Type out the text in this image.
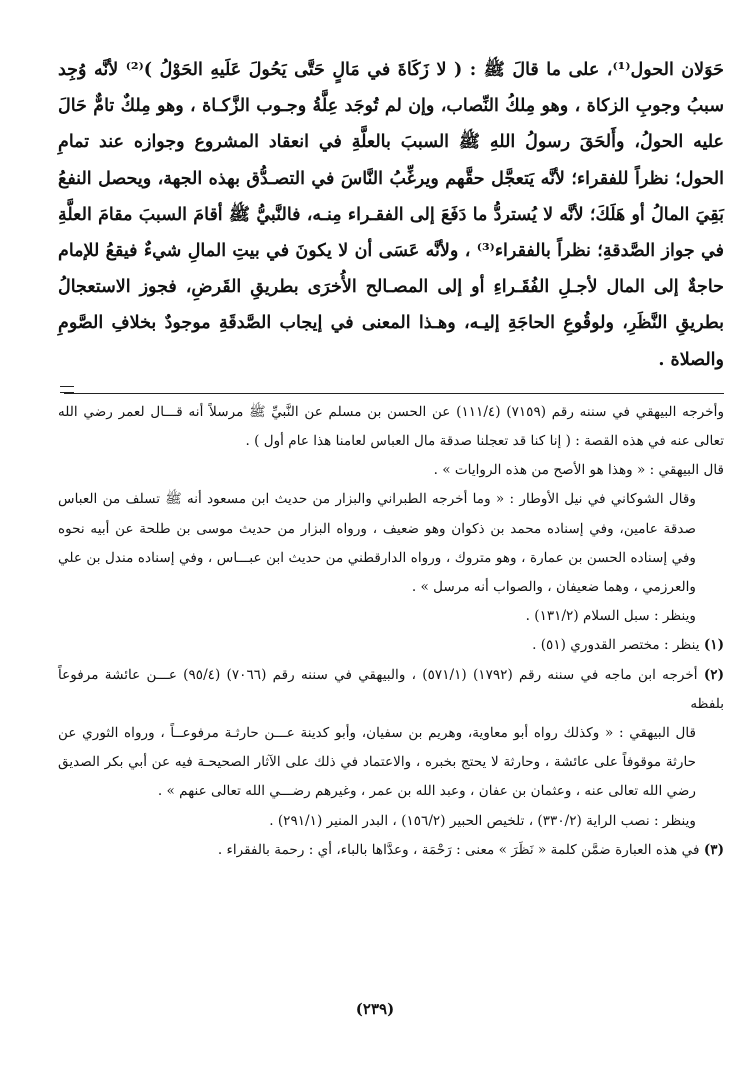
حَوَلان الحول⁽¹⁾، على ما قالَ ﷺ : ( لا زَكَاةَ في مَالٍ حَتَّى يَحُولَ عَلَيهِ الحَوْلُ )⁽²⁾ لأنَّه وُجِد سببُ وجوبِ الزكاة ، وهو مِلكُ النِّصاب، وإن لم تُوجَد عِلَّةُ وجـوب الزَّكـاة ، وهو مِلكٌ تامٌّ حَالَ عليه الحولُ، وأَلحَقَ رسولُ اللهِ ﷺ السببَ بالعلَّةِ في انعقاد المشروع وجوازه عند تمامِ الحول؛ نظراً للفقراء؛ لأنَّه يَتعجَّل حقَّهم ويرغِّبُ النَّاسَ في التصـدُّق بهذه الجهة، ويحصل النفعُ بَقِيَ المالُ أو هَلَكَ؛ لأنَّه لا يُستردُّ ما دَفَعَ إلى الفقـراء مِنـه، فالنَّبيُّ ﷺ أقامَ السببَ مقامَ العلَّةِ في جواز الصَّدقةِ؛ نظراً بالفقراء⁽³⁾ ، ولأنَّه عَسَى أن لا يكونَ في بيتِ المالِ شيءٌ فيقعُ للإمام حاجةٌ إلى المال لأجـلِ الفُقَـراءِ أو إلى المصـالح الأُخرَى بطريقِ القَرضِ، فجوز الاستعجالُ بطريقِ النَّظَرِ، ولوقُوعِ الحاجَةِ إليـه، وهـذا المعنى في إيجاب الصَّدقَةِ موجودٌ بخلافِ الصَّومِ والصلاة .

وأخرجه البيهقي في سننه رقم (٧١٥٩) (١١١/٤) عن الحسن بن مسلم عن النَّبيِّ ﷺ مرسلاً أنه قـــال لعمر رضي الله تعالى عنه في هذه القصة : ( إنا كنا قد تعجلنا صدقة مال العباس لعامنا هذا عام أول ) .

قال البيهقي : « وهذا هو الأصح من هذه الروايات » .

وقال الشوكاني في نيل الأوطار : « وما أخرجه الطبراني والبزار من حديث ابن مسعود أنه ﷺ تسلف من العباس صدقة عامين، وفي إسناده محمد بن ذكوان وهو ضعيف ، ورواه البزار من حديث موسى بن طلحة عن أبيه نحوه وفي إسناده الحسن بن عمارة ، وهو متروك ، ورواه الدارقطني من حديث ابن عبـــاس ، وفي إسناده مندل بن علي والعرزمي ، وهما ضعيفان ، والصواب أنه مرسل » .

وينظر : سبل السلام (١٣١/٢) .

(١) ينظر : مختصر القدوري (٥١) .

(٢) أخرجه ابن ماجه في سننه رقم (١٧٩٢) (٥٧١/١) ، والبيهقي في سننه رقم (٧٠٦٦) (٩٥/٤) عـــن عائشة مرفوعاً بلفظه

قال البيهقي : « وكذلك رواه أبو معاوية، وهريم بن سفيان، وأبو كدينة عـــن حارثـة مرفوعــاً ، ورواه الثوري عن حارثة موقوفاً على عائشة ، وحارثة لا يحتج بخبره ، والاعتماد في ذلك على الآثار الصحيحـة فيه عن أبي بكر الصديق رضي الله تعالى عنه ، وعثمان بن عفان ، وعبد الله بن عمر ، وغيرهم رضـــي الله تعالى عنهم » .

وينظر : نصب الراية (٣٣٠/٢) ، تلخيص الحبير (١٥٦/٢) ، البدر المنير (٢٩١/١) .

(٣) في هذه العبارة ضمَّن كلمة « نَظَرَ » معنى : رَحْمَة ، وعدَّاها بالباء، أي : رحمة بالفقراء .

(٢٣٩)
